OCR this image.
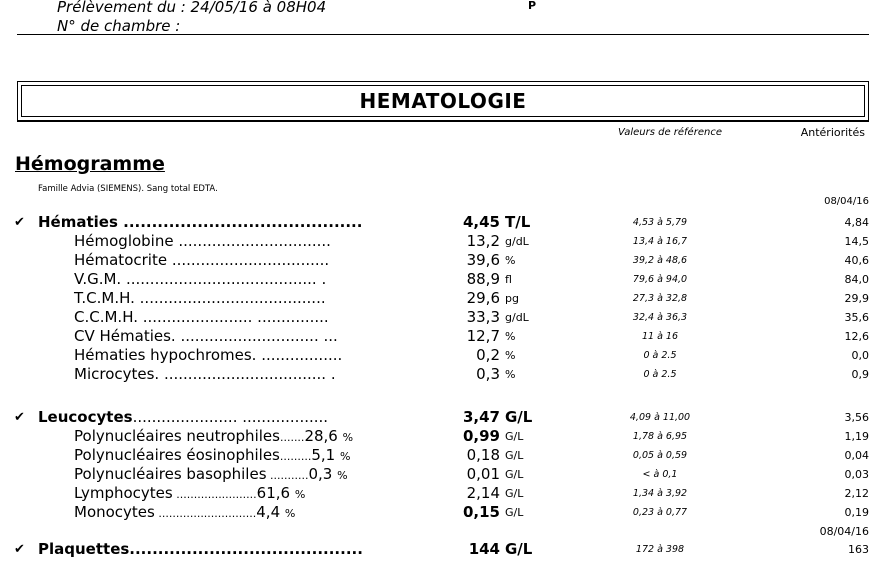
Prélèvement du : 24/05/16 à 08H04
N° de chambre :
P
HEMATOLOGIE
Valeurs de référence	Antériorités
Hémogramme
Famille Advia (SIEMENS). Sang total EDTA.
08/04/16
✔ Hématies ..........................................	4,45 T/L	4,53 à 5,79	4,84
Hémoglobine ................................	13,2 g/dL	13,4 à 16,7	14,5
Hématocrite .................................	39,6 %	39,2 à 48,6	40,6
V.G.M. ........................................ .	88,9 fl	79,6 à 94,0	84,0
T.C.M.H. .......................................	29,6 pg	27,3 à 32,8	29,9
C.C.M.H. ....................... ...............	33,3 g/dL	32,4 à 36,3	35,6
CV Hématies. ............................. ...	12,7 %	11 à 16	12,6
Hématies hypochromes. .................	0,2 %	0 à 2.5	0,0
Microcytes. .................................. .	0,3 %	0 à 2.5	0,9
✔ Leucocytes...................... ..................	3,47 G/L	4,09 à 11,00	3,56
Polynucléaires neutrophiles.......28,6 %	0,99 G/L	1,78 à 6,95	1,19
Polynucléaires éosinophiles.........5,1 %	0,18 G/L	0,05 à 0,59	0,04
Polynucléaires basophiles ...........0,3 %	0,01 G/L	< à 0,1	0,03
Lymphocytes .......................61,6 %	2,14 G/L	1,34 à 3,92	2,12
Monocytes ............................4,4 %	0,15 G/L	0,23 à 0,77	0,19
08/04/16
✔ Plaquettes.........................................	144 G/L	172 à 398	163
